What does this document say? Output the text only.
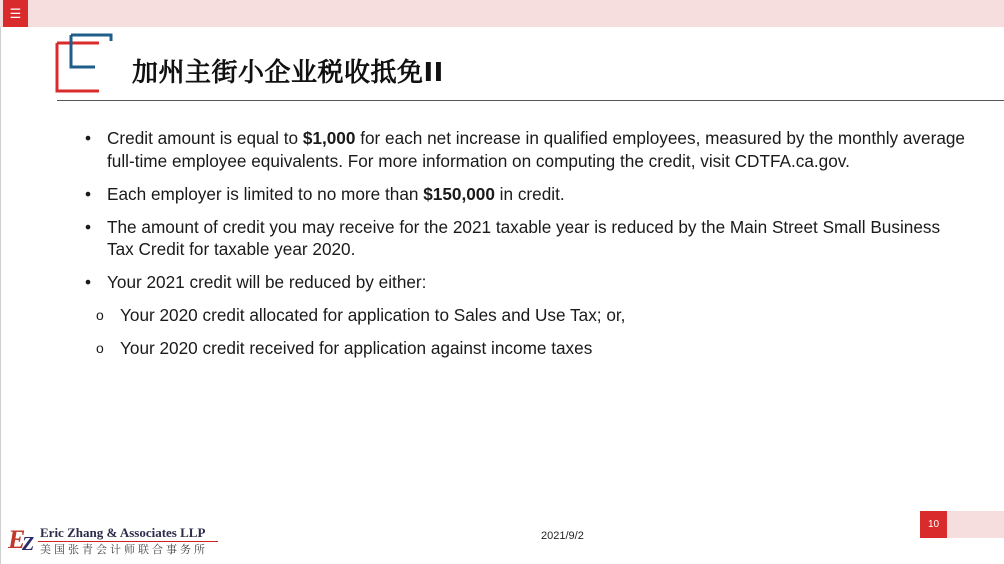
☰
加州主街小企业税收抵免II
• Credit amount is equal to $1,000 for each net increase in qualified employees, measured by the monthly average full-time employee equivalents. For more information on computing the credit, visit CDTFA.ca.gov.
• Each employer is limited to no more than $150,000 in credit.
• The amount of credit you may receive for the 2021 taxable year is reduced by the Main Street Small Business Tax Credit for taxable year 2020.
• Your 2021 credit will be reduced by either:
o Your 2020 credit allocated for application to Sales and Use Tax; or,
o Your 2020 credit received for application against income taxes
E
Z
Eric Zhang & Associates LLP
美国张青会计师联合事务所
2021/9/2
10
